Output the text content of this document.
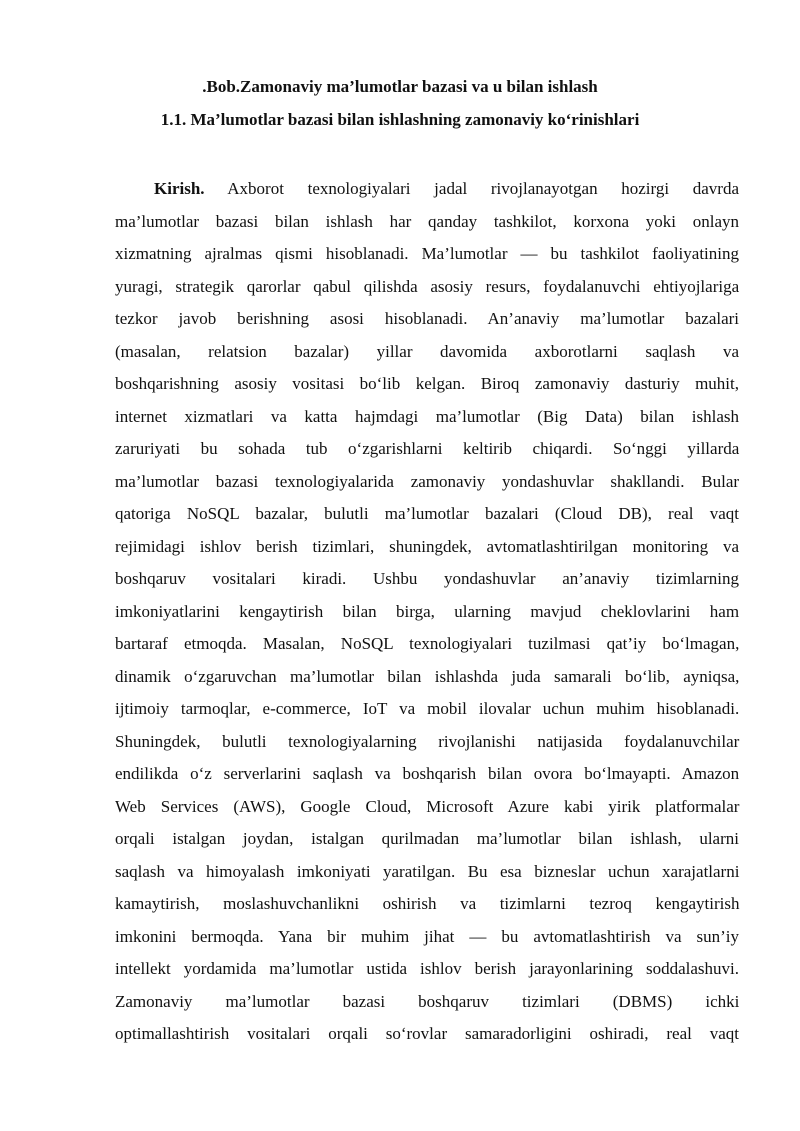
.Bob.Zamonaviy ma’lumotlar bazasi va u bilan ishlash
1.1. Ma’lumotlar bazasi bilan ishlashning zamonaviy ko‘rinishlari
Kirish. Axborot texnologiyalari jadal rivojlanayotgan hozirgi davrda
ma’lumotlar bazasi bilan ishlash har qanday tashkilot, korxona yoki onlayn
xizmatning ajralmas qismi hisoblanadi. Ma’lumotlar — bu tashkilot faoliyatining
yuragi, strategik qarorlar qabul qilishda asosiy resurs, foydalanuvchi ehtiyojlariga
tezkor javob berishning asosi hisoblanadi. An’anaviy ma’lumotlar bazalari
(masalan, relatsion bazalar) yillar davomida axborotlarni saqlash va
boshqarishning asosiy vositasi bo‘lib kelgan. Biroq zamonaviy dasturiy muhit,
internet xizmatlari va katta hajmdagi ma’lumotlar (Big Data) bilan ishlash
zaruriyati bu sohada tub o‘zgarishlarni keltirib chiqardi. So‘nggi yillarda
ma’lumotlar bazasi texnologiyalarida zamonaviy yondashuvlar shakllandi. Bular
qatoriga NoSQL bazalar, bulutli ma’lumotlar bazalari (Cloud DB), real vaqt
rejimidagi ishlov berish tizimlari, shuningdek, avtomatlashtirilgan monitoring va
boshqaruv vositalari kiradi. Ushbu yondashuvlar an’anaviy tizimlarning
imkoniyatlarini kengaytirish bilan birga, ularning mavjud cheklovlarini ham
bartaraf etmoqda. Masalan, NoSQL texnologiyalari tuzilmasi qat’iy bo‘lmagan,
dinamik o‘zgaruvchan ma’lumotlar bilan ishlashda juda samarali bo‘lib, ayniqsa,
ijtimoiy tarmoqlar, e-commerce, IoT va mobil ilovalar uchun muhim hisoblanadi.
Shuningdek, bulutli texnologiyalarning rivojlanishi natijasida foydalanuvchilar
endilikda o‘z serverlarini saqlash va boshqarish bilan ovora bo‘lmayapti. Amazon
Web Services (AWS), Google Cloud, Microsoft Azure kabi yirik platformalar
orqali istalgan joydan, istalgan qurilmadan ma’lumotlar bilan ishlash, ularni
saqlash va himoyalash imkoniyati yaratilgan. Bu esa bizneslar uchun xarajatlarni
kamaytirish, moslashuvchanlikni oshirish va tizimlarni tezroq kengaytirish
imkonini bermoqda. Yana bir muhim jihat — bu avtomatlashtirish va sun’iy
intellekt yordamida ma’lumotlar ustida ishlov berish jarayonlarining soddalashuvi.
Zamonaviy ma’lumotlar bazasi boshqaruv tizimlari (DBMS) ichki
optimallashtirish vositalari orqali so‘rovlar samaradorligini oshiradi, real vaqt
